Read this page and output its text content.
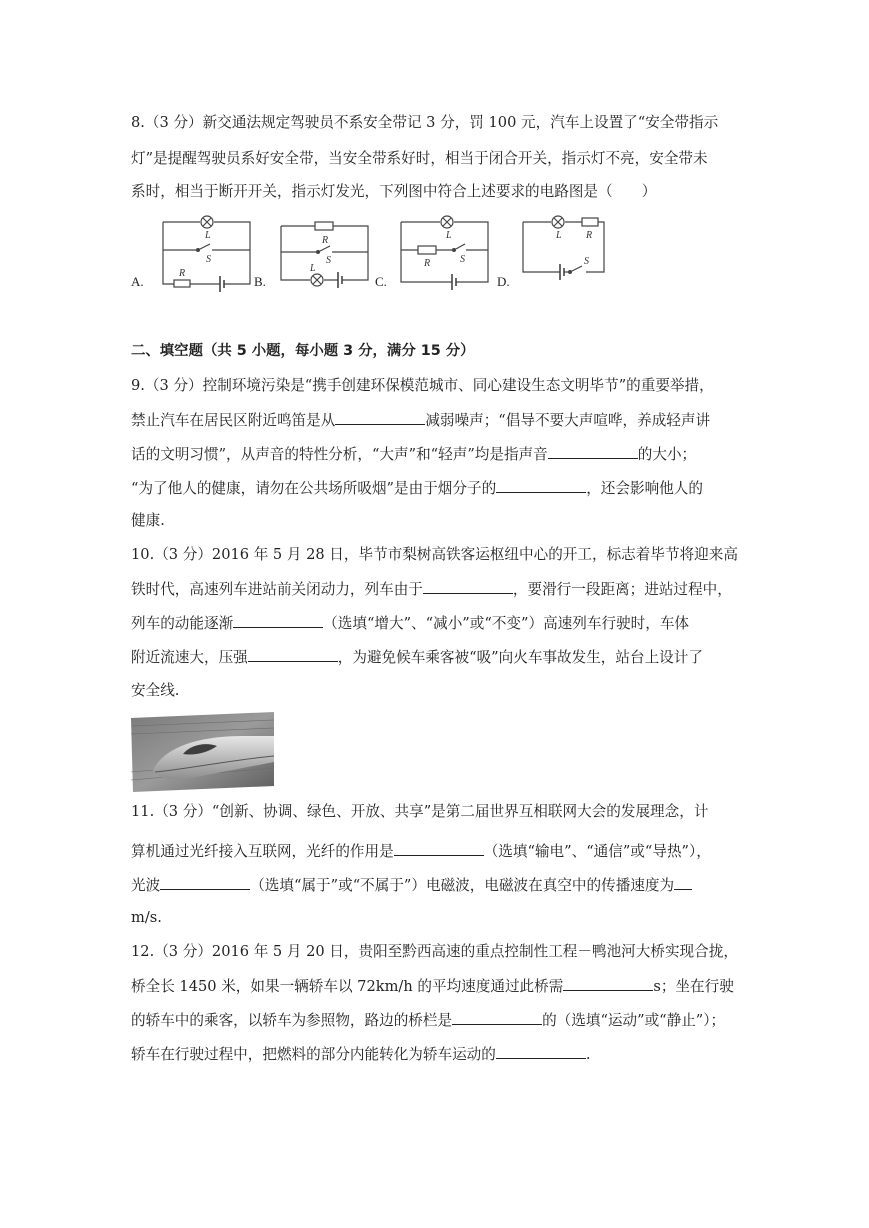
8.（3 分）新交通法规定驾驶员不系安全带记 3 分，罚 100 元，汽车上设置了“安全带指示
灯”是提醒驾驶员系好安全带，当安全带系好时，相当于闭合开关，指示灯不亮，安全带未
系时，相当于断开开关，指示灯发光，下列图中符合上述要求的电路图是（　　）
L
S
R
A.
R
S
L
B.
L
R	S
C.
L R
S
D.
二、填空题（共 5 小题，每小题 3 分，满分 15 分）
9.（3 分）控制环境污染是“携手创建环保模范城市、同心建设生态文明毕节”的重要举措，
禁止汽车在居民区附近鸣笛是从	减弱噪声；“倡导不要大声喧哗，养成轻声讲
话的文明习惯”，从声音的特性分析，“大声”和“轻声”均是指声音	的大小；
“为了他人的健康，请勿在公共场所吸烟”是由于烟分子的	，还会影响他人的
健康.
10.（3 分）2016 年 5 月 28 日，毕节市梨树高铁客运枢纽中心的开工，标志着毕节将迎来高
铁时代，高速列车进站前关闭动力，列车由于	，要滑行一段距离；进站过程中，
列车的动能逐渐	（选填“增大”、“减小”或“不变”）高速列车行驶时，车体
附近流速大，压强	，为避免候车乘客被“吸”向火车事故发生，站台上设计了
安全线.
11.（3 分）“创新、协调、绿色、开放、共享”是第二届世界互相联网大会的发展理念，计
算机通过光纤接入互联网，光纤的作用是	（选填“输电”、“通信”或“导热”），
光波	（选填“属于”或“不属于”）电磁波，电磁波在真空中的传播速度为
m/s.
12.（3 分）2016 年 5 月 20 日，贵阳至黔西高速的重点控制性工程－鸭池河大桥实现合拢，
桥全长 1450 米，如果一辆轿车以 72km/h 的平均速度通过此桥需	s；坐在行驶
的轿车中的乘客，以轿车为参照物，路边的桥栏是	的（选填“运动”或“静止”）；
轿车在行驶过程中，把燃料的部分内能转化为轿车运动的	.
